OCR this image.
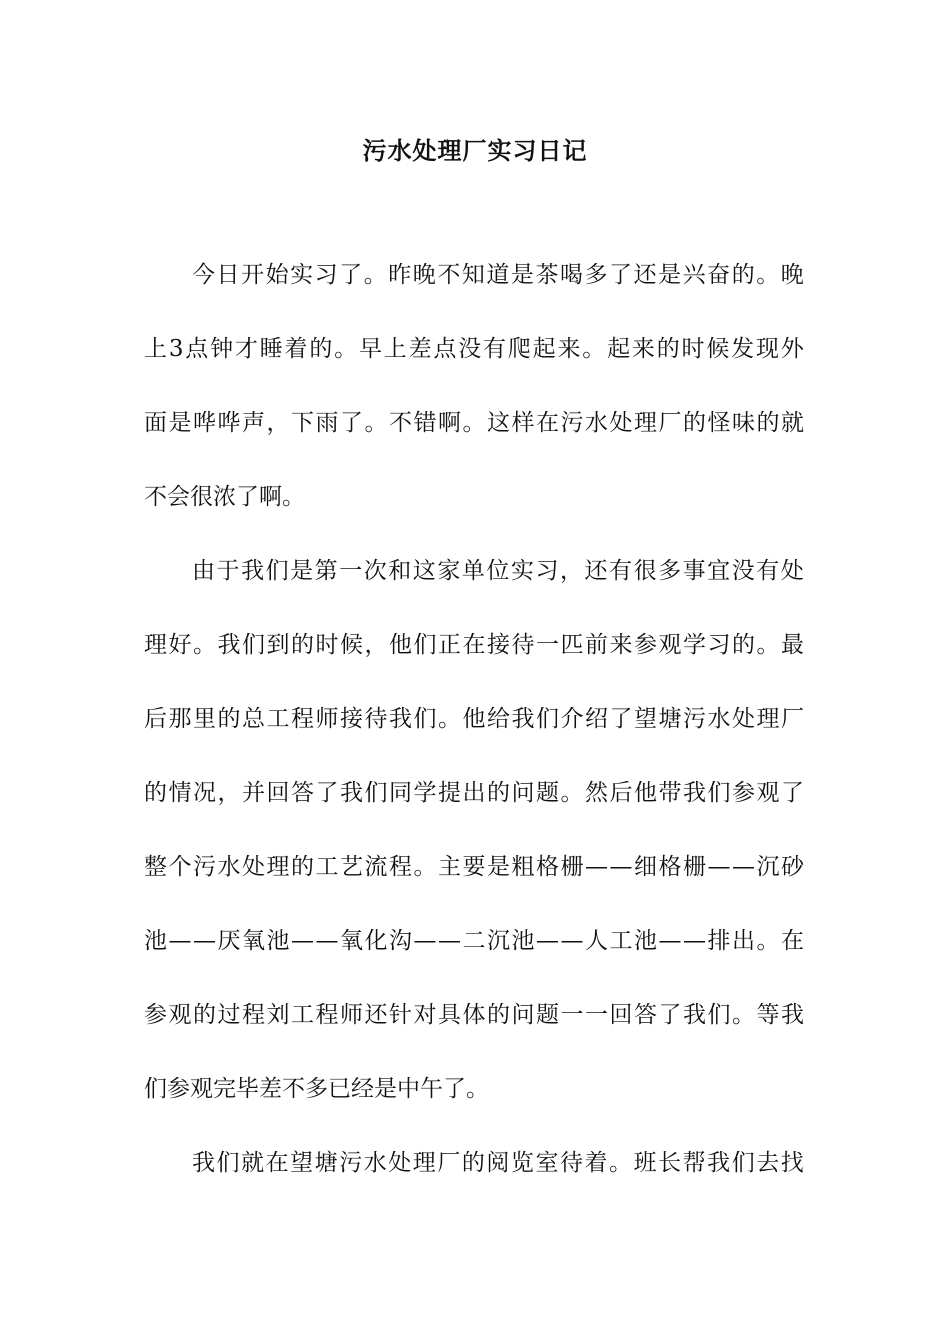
污水处理厂实习日记
今 日 开 始 实 习 了 。 昨 晚 不 知 道 是 茶 喝 多 了 还 是 兴 奋 的 。 晚
上 3 点 钟 才 睡 着 的 。 早 上 差 点 没 有 爬 起 来 。 起 来 的 时 候 发 现 外
面 是 哗 哗 声 ， 下 雨 了 。 不 错 啊 。 这 样 在 污 水 处 理 厂 的 怪 味 的 就
不 会 很 浓 了 啊 。
由 于 我 们 是 第 一 次 和 这 家 单 位 实 习 ， 还 有 很 多 事 宜 没 有 处
理 好 。 我 们 到 的 时 候 ， 他 们 正 在 接 待 一 匹 前 来 参 观 学 习 的 。 最
后 那 里 的 总 工 程 师 接 待 我 们 。 他 给 我 们 介 绍 了 望 塘 污 水 处 理 厂
的 情 况 ， 并 回 答 了 我 们 同 学 提 出 的 问 题 。 然 后 他 带 我 们 参 观 了
整 个 污 水 处 理 的 工 艺 流 程 。 主 要 是 粗 格 栅 — — 细 格 栅 — — 沉 砂
池 — — 厌 氧 池 — — 氧 化 沟 — — 二 沉 池 — — 人 工 池 — — 排 出 。 在
参 观 的 过 程 刘 工 程 师 还 针 对 具 体 的 问 题 一 一 回 答 了 我 们 。 等 我
们 参 观 完 毕 差 不 多 已 经 是 中 午 了 。
我 们 就 在 望 塘 污 水 处 理 厂 的 阅 览 室 待 着 。 班 长 帮 我 们 去 找
